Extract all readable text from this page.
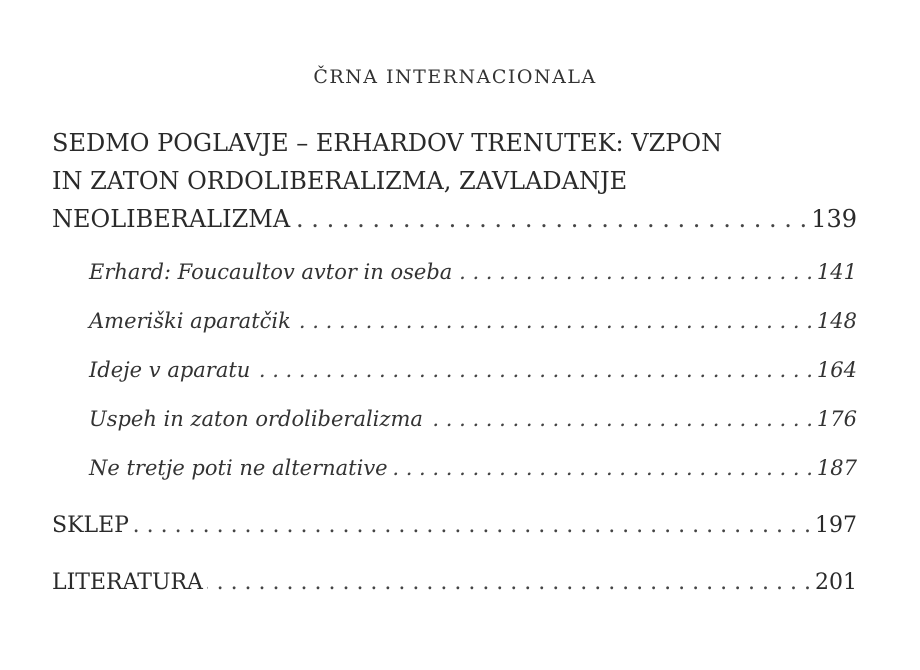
ČRNA INTERNACIONALA
SEDMO POGLAVJE – ERHARDOV TRENUTEK: VZPON
IN ZATON ORDOLIBERALIZMA, ZAVLADANJE
NEOLIBERALIZMA . . .	139
Erhard: Foucaultov avtor in oseba . . .	141
Ameriški aparatčik . . .	148
Ideje v aparatu . . .	164
Uspeh in zaton ordoliberalizma . . .	176
Ne tretje poti ne alternative . . .	187
SKLEP . . .	197
LITERATURA . . .	201
